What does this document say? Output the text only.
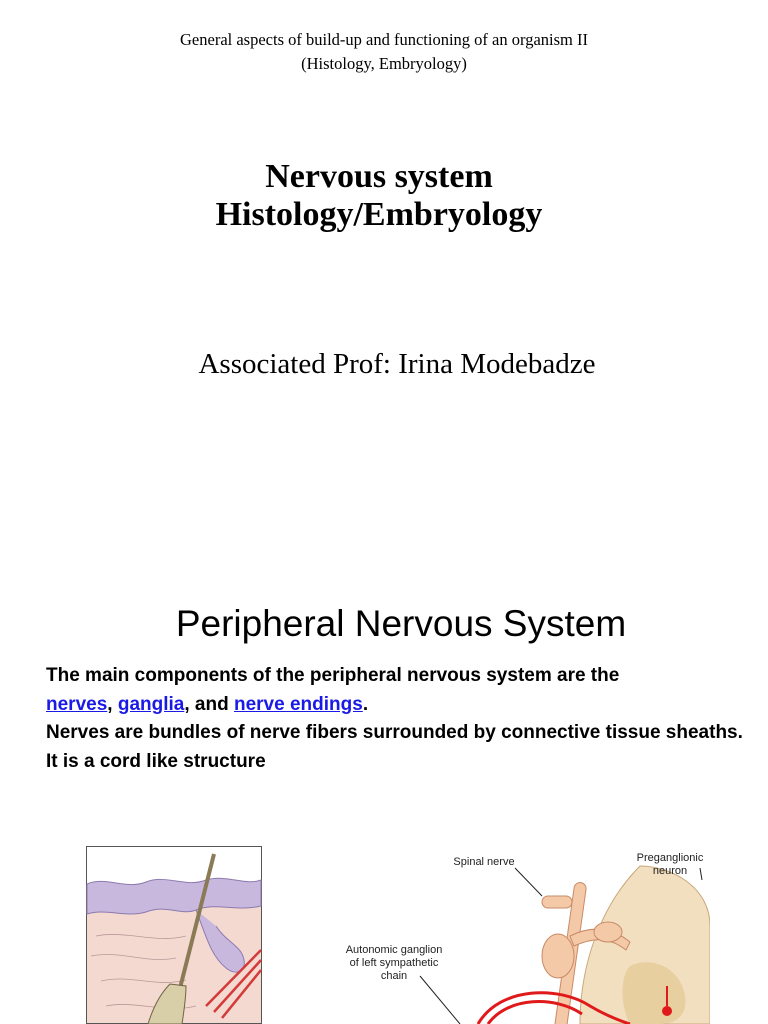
General aspects of build-up and functioning of an organism II
(Histology, Embryology)
Nervous system
Histology/Embryology
Associated Prof: Irina Modebadze
Peripheral Nervous System
The main components of the peripheral nervous system are the
nerves, ganglia, and nerve endings.
Nerves are bundles of nerve fibers surrounded by connective tissue sheaths. It is a cord like structure
Spinal nerve	Preganglionic
neuron
Autonomic ganglion
of left sympathetic
chain
